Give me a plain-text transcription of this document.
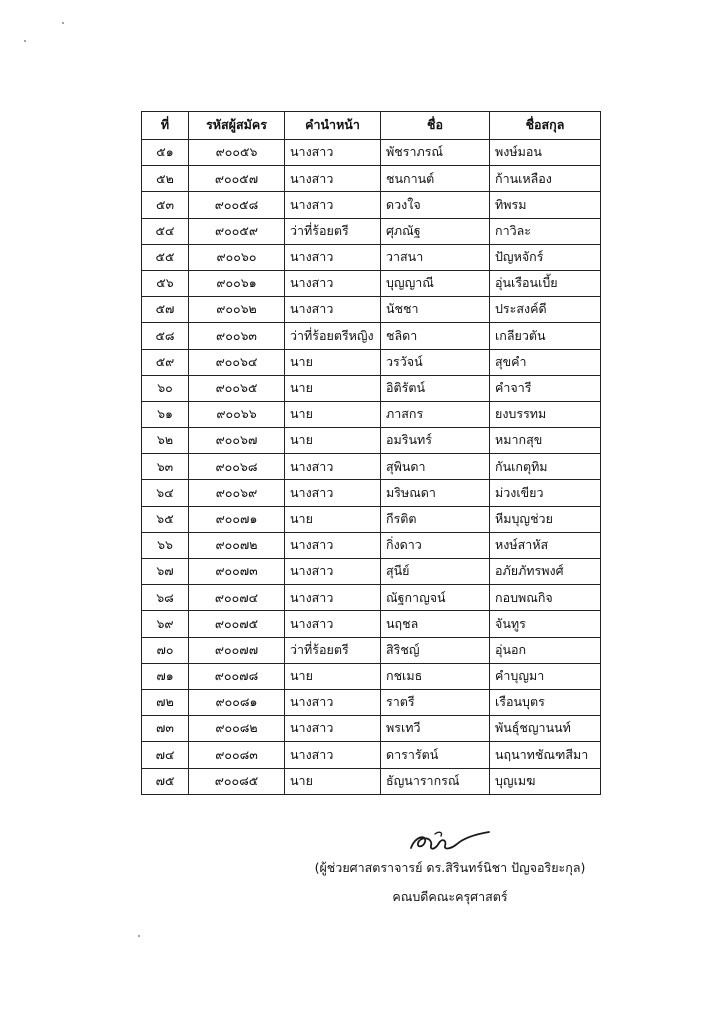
ที่	รหัสผู้สมัคร	คำนำหน้า	ชื่อ	ชื่อสกุล
๕๑	๙๐๐๕๖	นางสาว	พัชราภรณ์	พงษ์มอน
๕๒	๙๐๐๕๗	นางสาว	ชนกานต์	ก้านเหลือง
๕๓	๙๐๐๕๘	นางสาว	ดวงใจ	ทิพรม
๕๔	๙๐๐๕๙	ว่าที่ร้อยตรี	ศุภณัฐ	กาวิละ
๕๕	๙๐๐๖๐	นางสาว	วาสนา	ปัญหจักร์
๕๖	๙๐๐๖๑	นางสาว	บุญญาณี	อุ่นเรือนเบี้ย
๕๗	๙๐๐๖๒	นางสาว	นัชชา	ประสงค์ดี
๕๘	๙๐๐๖๓	ว่าที่ร้อยตรีหญิง	ชลิดา	เกลียวตัน
๕๙	๙๐๐๖๔	นาย	วรวัจน์	สุขคำ
๖๐	๙๐๐๖๕	นาย	อิติรัตน์	คำจารี
๖๑	๙๐๐๖๖	นาย	ภาสกร	ยงบรรทม
๖๒	๙๐๐๖๗	นาย	อมรินทร์	หมากสุข
๖๓	๙๐๐๖๘	นางสาว	สุพินดา	กันเกตุทิม
๖๔	๙๐๐๖๙	นางสาว	มริษณดา	ม่วงเขียว
๖๕	๙๐๐๗๑	นาย	กีรติต	หีมบุญช่วย
๖๖	๙๐๐๗๒	นางสาว	กิ่งดาว	หงษ์สาหัส
๖๗	๙๐๐๗๓	นางสาว	สุนีย์	อภัยภัทรพงศ์
๖๘	๙๐๐๗๔	นางสาว	ณัฐกาญจน์	กอบพณกิจ
๖๙	๙๐๐๗๕	นางสาว	นฤชล	จันทูร
๗๐	๙๐๐๗๗	ว่าที่ร้อยตรี	สิริชญ์	อุ่นอก
๗๑	๙๐๐๗๘	นาย	กชเมธ	คำบุญมา
๗๒	๙๐๐๘๑	นางสาว	ราตรี	เรือนบุตร
๗๓	๙๐๐๘๒	นางสาว	พรเทวี	พันธุ์ชญานนท์
๗๔	๙๐๐๘๓	นางสาว	ดารารัตน์	นฤนาทชัณฑสีมา
๗๕	๙๐๐๘๕	นาย	ธัญนารากรณ์	บุญเมฆ
(ผู้ช่วยศาสตราจารย์ ดร.สิรินทร์นิชา ปัญจอริยะกุล)
คณบดีคณะครุศาสตร์
